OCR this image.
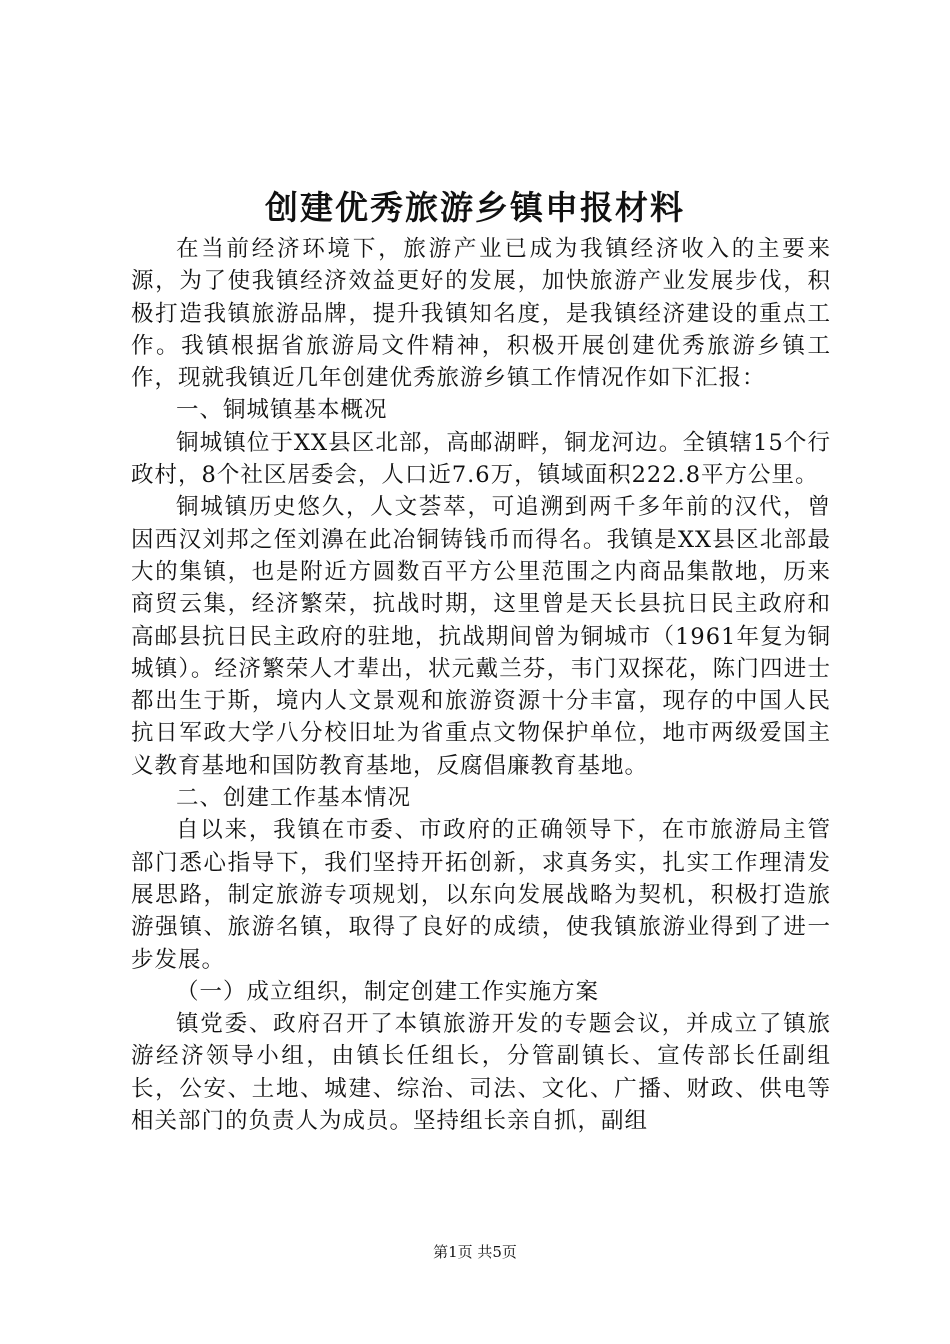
创建优秀旅游乡镇申报材料

在当前经济环境下，旅游产业已成为我镇经济收入的主要来源，为了使我镇经济效益更好的发展，加快旅游产业发展步伐，积极打造我镇旅游品牌，提升我镇知名度，是我镇经济建设的重点工作。我镇根据省旅游局文件精神，积极开展创建优秀旅游乡镇工作，现就我镇近几年创建优秀旅游乡镇工作情况作如下汇报：

一、铜城镇基本概况

铜城镇位于XX县区北部，高邮湖畔，铜龙河边。全镇辖15个行政村，8个社区居委会，人口近7.6万，镇域面积222.8平方公里。

铜城镇历史悠久，人文荟萃，可追溯到两千多年前的汉代，曾因西汉刘邦之侄刘濞在此冶铜铸钱币而得名。我镇是XX县区北部最大的集镇，也是附近方圆数百平方公里范围之内商品集散地，历来商贸云集，经济繁荣，抗战时期，这里曾是天长县抗日民主政府和高邮县抗日民主政府的驻地，抗战期间曾为铜城市（1961年复为铜城镇）。经济繁荣人才辈出，状元戴兰芬，韦门双探花，陈门四进士都出生于斯，境内人文景观和旅游资源十分丰富，现存的中国人民抗日军政大学八分校旧址为省重点文物保护单位，地市两级爱国主义教育基地和国防教育基地，反腐倡廉教育基地。

二、创建工作基本情况

自以来，我镇在市委、市政府的正确领导下，在市旅游局主管部门悉心指导下，我们坚持开拓创新，求真务实，扎实工作理清发展思路，制定旅游专项规划，以东向发展战略为契机，积极打造旅游强镇、旅游名镇，取得了良好的成绩，使我镇旅游业得到了进一步发展。

（一）成立组织，制定创建工作实施方案

镇党委、政府召开了本镇旅游开发的专题会议，并成立了镇旅游经济领导小组，由镇长任组长，分管副镇长、宣传部长任副组长，公安、土地、城建、综治、司法、文化、广播、财政、供电等相关部门的负责人为成员。坚持组长亲自抓，副组

第1页 共5页
